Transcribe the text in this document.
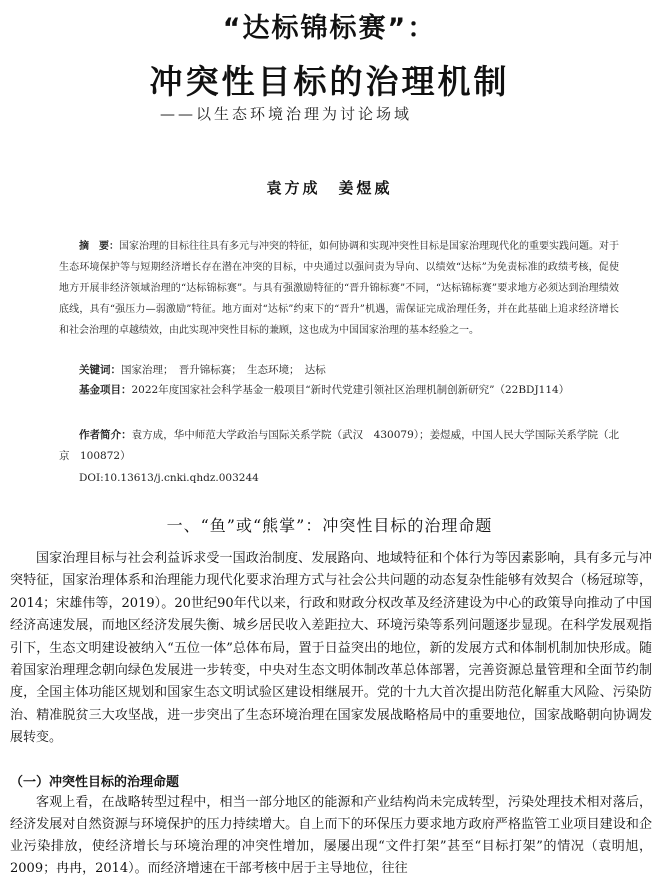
“达标锦标赛”：
冲突性目标的治理机制
——以生态环境治理为讨论场域
袁方成　姜煜威
摘　要：国家治理的目标往往具有多元与冲突的特征，如何协调和实现冲突性目标是国家治理现代化的重要实践问题。对于生态环境保护等与短期经济增长存在潜在冲突的目标，中央通过以强问责为导向、以绩效“达标”为免责标准的政绩考核，促使地方开展非经济领域治理的“达标锦标赛”。与具有强激励特征的“晋升锦标赛”不同，“达标锦标赛”要求地方必须达到治理绩效底线，具有“强压力—弱激励”特征。地方面对“达标”约束下的“晋升”机遇，需保证完成治理任务，并在此基础上追求经济增长和社会治理的卓越绩效，由此实现冲突性目标的兼顾，这也成为中国国家治理的基本经验之一。
关键词：国家治理；　晋升锦标赛；　生态环境；　达标
基金项目：2022年度国家社会科学基金一般项目“新时代党建引领社区治理机制创新研究”（22BDJ114）
作者简介：袁方成，华中师范大学政治与国际关系学院（武汉　430079）；姜煜威，中国人民大学国际关系学院（北京　100872）
DOI:10.13613/j.cnki.qhdz.003244
一、“鱼”或“熊掌”：冲突性目标的治理命题
国家治理目标与社会利益诉求受一国政治制度、发展路向、地域特征和个体行为等因素影响，具有多元与冲突特征，国家治理体系和治理能力现代化要求治理方式与社会公共问题的动态复杂性能够有效契合（杨冠琼等，2014；宋雄伟等，2019）。20世纪90年代以来，行政和财政分权改革及经济建设为中心的政策导向推动了中国经济高速发展，而地区经济发展失衡、城乡居民收入差距拉大、环境污染等系列问题逐步显现。在科学发展观指引下，生态文明建设被纳入“五位一体”总体布局，置于日益突出的地位，新的发展方式和体制机制加快形成。随着国家治理理念朝向绿色发展进一步转变，中央对生态文明体制改革总体部署，完善资源总量管理和全面节约制度，全国主体功能区规划和国家生态文明试验区建设相继展开。党的十九大首次提出防范化解重大风险、污染防治、精准脱贫三大攻坚战，进一步突出了生态环境治理在国家发展战略格局中的重要地位，国家战略朝向协调发展转变。
（一）冲突性目标的治理命题
客观上看，在战略转型过程中，相当一部分地区的能源和产业结构尚未完成转型，污染处理技术相对落后，经济发展对自然资源与环境保护的压力持续增大。自上而下的环保压力要求地方政府严格监管工业项目建设和企业污染排放，使经济增长与环境治理的冲突性增加，屡屡出现“文件打架”甚至“目标打架”的情况（袁明旭，2009；冉冉，2014）。而经济增速在干部考核中居于主导地位，往往
